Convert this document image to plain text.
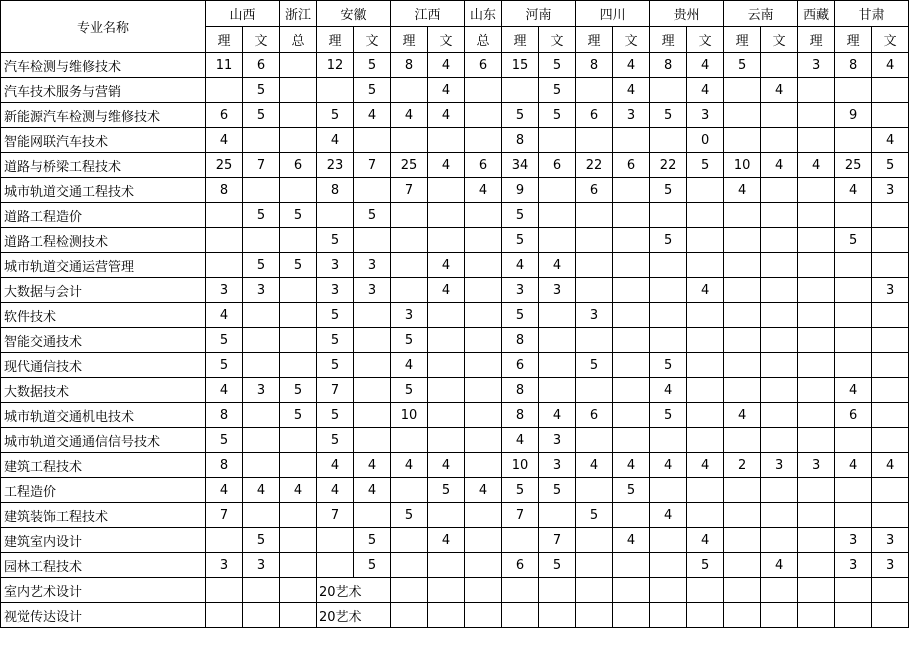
专业名称	山西		浙江	安徽		江西		山东	河南		四川		贵州		云南		西藏	甘肃	
	理	文	总	理	文	理	文	总	理	文	理	文	理	文	理	文	理	理	文
汽车检测与维修技术	11	6		12	5	8	4	6	15	5	8	4	8	4	5		3	8	4
汽车技术服务与营销		5			5		4			5		4		4		4			
新能源汽车检测与维修技术	6	5		5	4	4	4		5	5	6	3	5	3				9	
智能网联汽车技术	4			4					8					0					4
道路与桥梁工程技术	25	7	6	23	7	25	4	6	34	6	22	6	22	5	10	4	4	25	5
城市轨道交通工程技术	8			8		7		4	9		6		5		4			4	3
道路工程造价		5	5		5				5										
道路工程检测技术				5					5				5					5	
城市轨道交通运营管理		5	5	3	3		4		4	4									
大数据与会计	3	3		3	3		4		3	3				4					3
软件技术	4			5		3			5		3								
智能交通技术	5			5		5			8										
现代通信技术	5			5		4			6		5		5						
大数据技术	4	3	5	7		5			8				4					4	
城市轨道交通机电技术	8		5	5		10			8	4	6		5		4			6	
城市轨道交通通信信号技术	5			5					4	3									
建筑工程技术	8			4	4	4	4		10	3	4	4	4	4	2	3	3	4	4
工程造价	4	4	4	4	4		5	4	5	5		5							
建筑装饰工程技术	7			7		5			7		5		4						
建筑室内设计		5			5		4			7		4		4				3	3
园林工程技术	3	3			5				6	5				5		4		3	3
室内艺术设计				20艺术															
视觉传达设计				20艺术															
